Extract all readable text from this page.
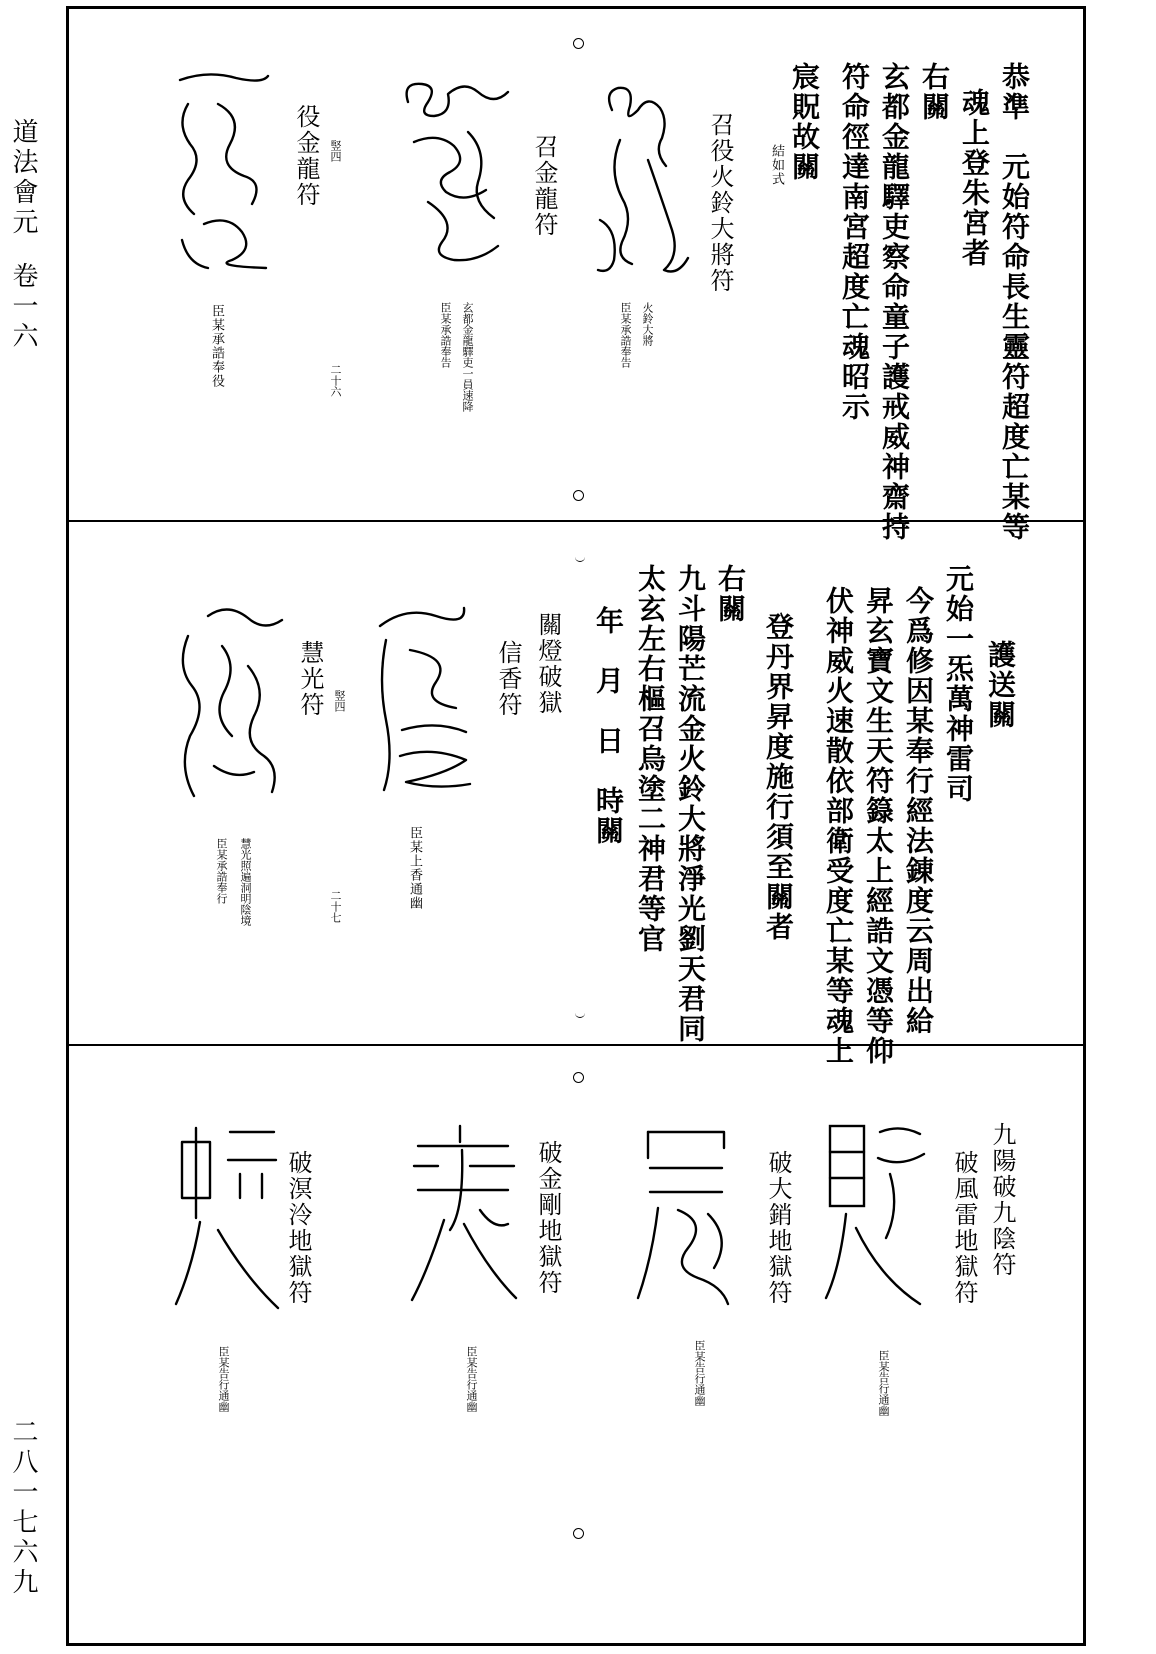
道法會元
卷一六
二八一七六九
恭準　元始符命長生靈符超度亡某等
魂上登朱宮者
右關
玄都金龍驛吏察命童子護戒威神齋持
符命徑達南宮超度亡魂昭示
宸貺故關
結如式
召役火鈴大將符
火鈴大將
臣某承誥奉告
召金龍符
玄都金龍驛吏一員速降
臣某承誥奉告
役金龍符 竪四
臣某承誥奉役	二十六
護送關
元始一炁萬神雷司
今爲修因某奉行經法錬度云周出給
昇玄寶文生天符籙太上經誥文憑等仰
伏神威火速散依部衛受度亡某等魂上
登丹界昇度施行須至關者
右關
九斗陽芒流金火鈴大將淨光劉天君同
太玄左右樞召烏塗二神君等官
年　月　日　時關
關燈破獄
信香符
臣某上香通幽
二十七
慧光符 竪四
慧光照遍洞明陰境
臣某承誥奉行
九陽破九陰符
破風雷地獄符
臣某告行通幽
破大銷地獄符
臣某告行通幽
破金剛地獄符
臣某告行通幽
破溟泠地獄符
臣某告行通幽
